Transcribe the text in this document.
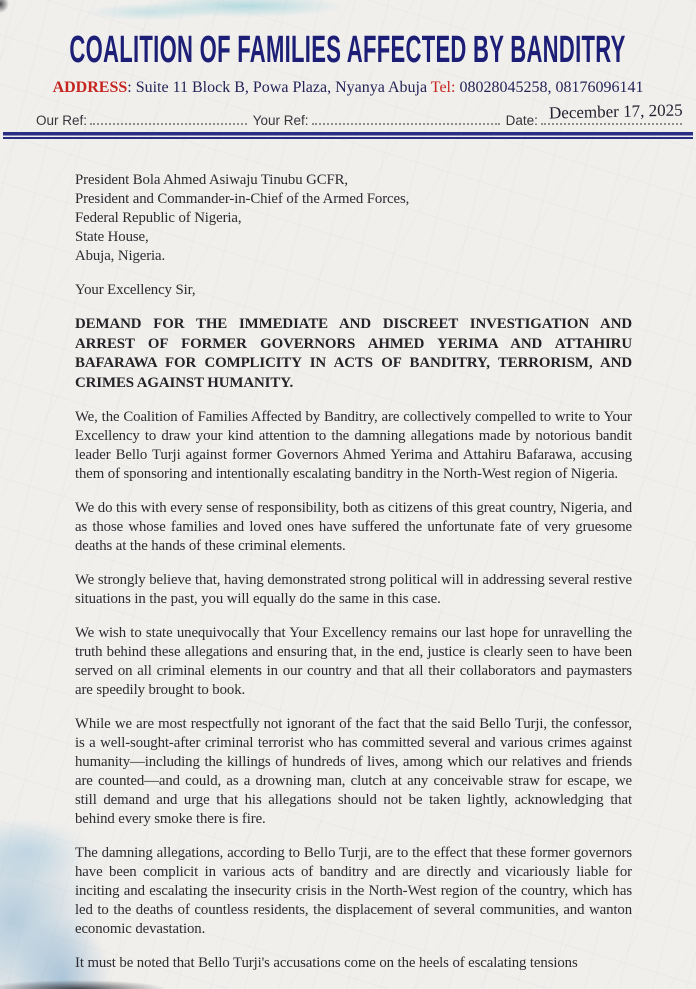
COALITION OF FAMILIES AFFECTED BY BANDITRY
ADDRESS: Suite 11 Block B, Powa Plaza, Nyanya Abuja Tel: 08028045258, 08176096141
Our Ref:	Your Ref:	Date: December 17, 2025

President Bola Ahmed Asiwaju Tinubu GCFR,

President and Commander-in-Chief of the Armed Forces,

Federal Republic of Nigeria,

State House,

Abuja, Nigeria.

Your Excellency Sir,

DEMAND FOR THE IMMEDIATE AND DISCREET INVESTIGATION AND ARREST OF FORMER GOVERNORS AHMED YERIMA AND ATTAHIRU BAFARAWA FOR COMPLICITY IN ACTS OF BANDITRY, TERRORISM, AND CRIMES AGAINST HUMANITY.

We, the Coalition of Families Affected by Banditry, are collectively compelled to write to Your Excellency to draw your kind attention to the damning allegations made by notorious bandit leader Bello Turji against former Governors Ahmed Yerima and Attahiru Bafarawa, accusing them of sponsoring and intentionally escalating banditry in the North-West region of Nigeria.

We do this with every sense of responsibility, both as citizens of this great country, Nigeria, and as those whose families and loved ones have suffered the unfortunate fate of very gruesome deaths at the hands of these criminal elements.

We strongly believe that, having demonstrated strong political will in addressing several restive situations in the past, you will equally do the same in this case.

We wish to state unequivocally that Your Excellency remains our last hope for unravelling the truth behind these allegations and ensuring that, in the end, justice is clearly seen to have been served on all criminal elements in our country and that all their collaborators and paymasters are speedily brought to book.

While we are most respectfully not ignorant of the fact that the said Bello Turji, the confessor, is a well-sought-after criminal terrorist who has committed several and various crimes against humanity—including the killings of hundreds of lives, among which our relatives and friends are counted—and could, as a drowning man, clutch at any conceivable straw for escape, we still demand and urge that his allegations should not be taken lightly, acknowledging that behind every smoke there is fire.

The damning allegations, according to Bello Turji, are to the effect that these former governors have been complicit in various acts of banditry and are directly and vicariously liable for inciting and escalating the insecurity crisis in the North-West region of the country, which has led to the deaths of countless residents, the displacement of several communities, and wanton economic devastation.

It must be noted that Bello Turji's accusations come on the heels of escalating tensions
